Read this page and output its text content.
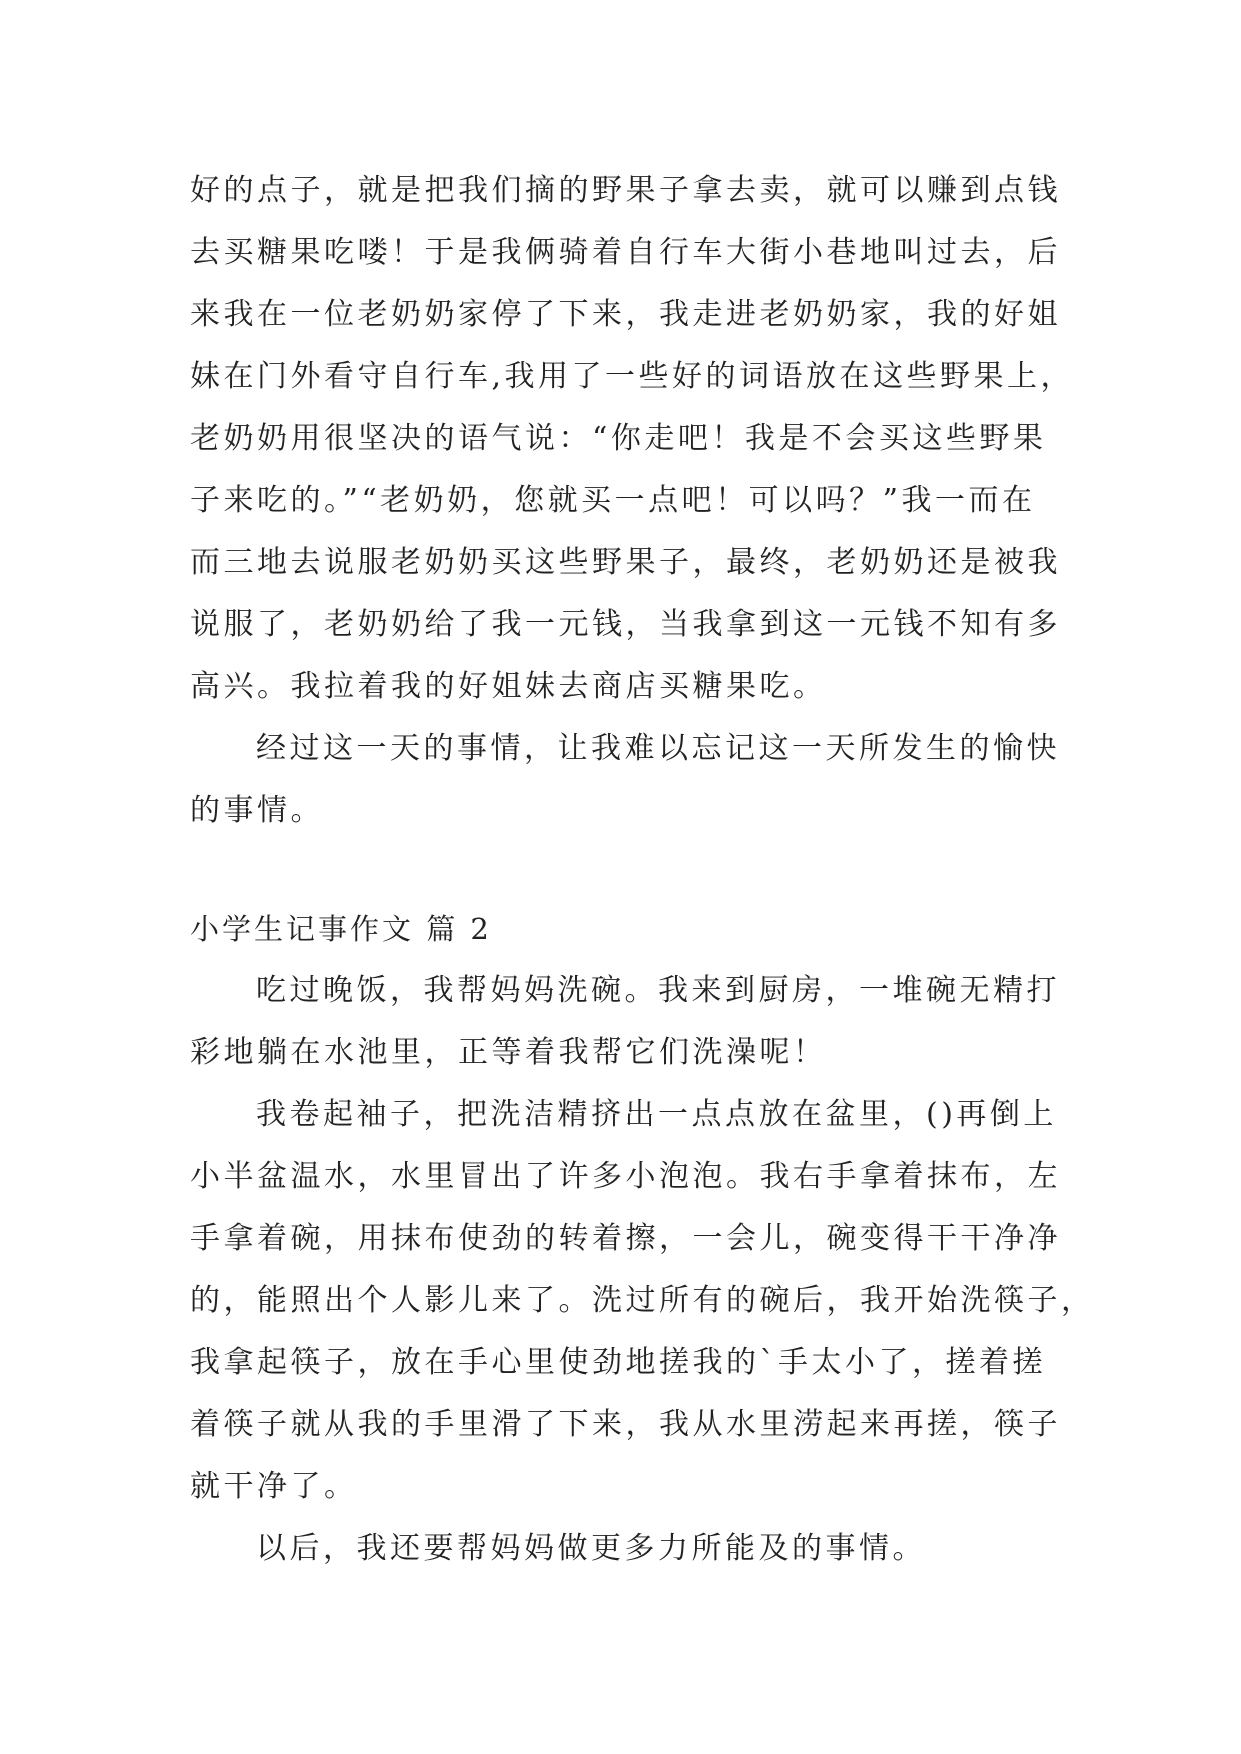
好的点子，就是把我们摘的野果子拿去卖，就可以赚到点钱
去买糖果吃喽！于是我俩骑着自行车大街小巷地叫过去，后
来我在一位老奶奶家停了下来，我走进老奶奶家，我的好姐
妹在门外看守自行车,我用了一些好的词语放在这些野果上，
老奶奶用很坚决的语气说：“你走吧！我是不会买这些野果
子来吃的。”“老奶奶，您就买一点吧！可以吗？”我一而在
而三地去说服老奶奶买这些野果子，最终，老奶奶还是被我
说服了，老奶奶给了我一元钱，当我拿到这一元钱不知有多
高兴。我拉着我的好姐妹去商店买糖果吃。
经过这一天的事情，让我难以忘记这一天所发生的愉快
的事情。
小学生记事作文 篇 2
吃过晚饭，我帮妈妈洗碗。我来到厨房，一堆碗无精打
彩地躺在水池里，正等着我帮它们洗澡呢！
我卷起袖子，把洗洁精挤出一点点放在盆里，()再倒上
小半盆温水，水里冒出了许多小泡泡。我右手拿着抹布，左
手拿着碗，用抹布使劲的转着擦，一会儿，碗变得干干净净
的，能照出个人影儿来了。洗过所有的碗后，我开始洗筷子，
我拿起筷子，放在手心里使劲地搓我的`手太小了，搓着搓
着筷子就从我的手里滑了下来，我从水里涝起来再搓，筷子
就干净了。
以后，我还要帮妈妈做更多力所能及的事情。
